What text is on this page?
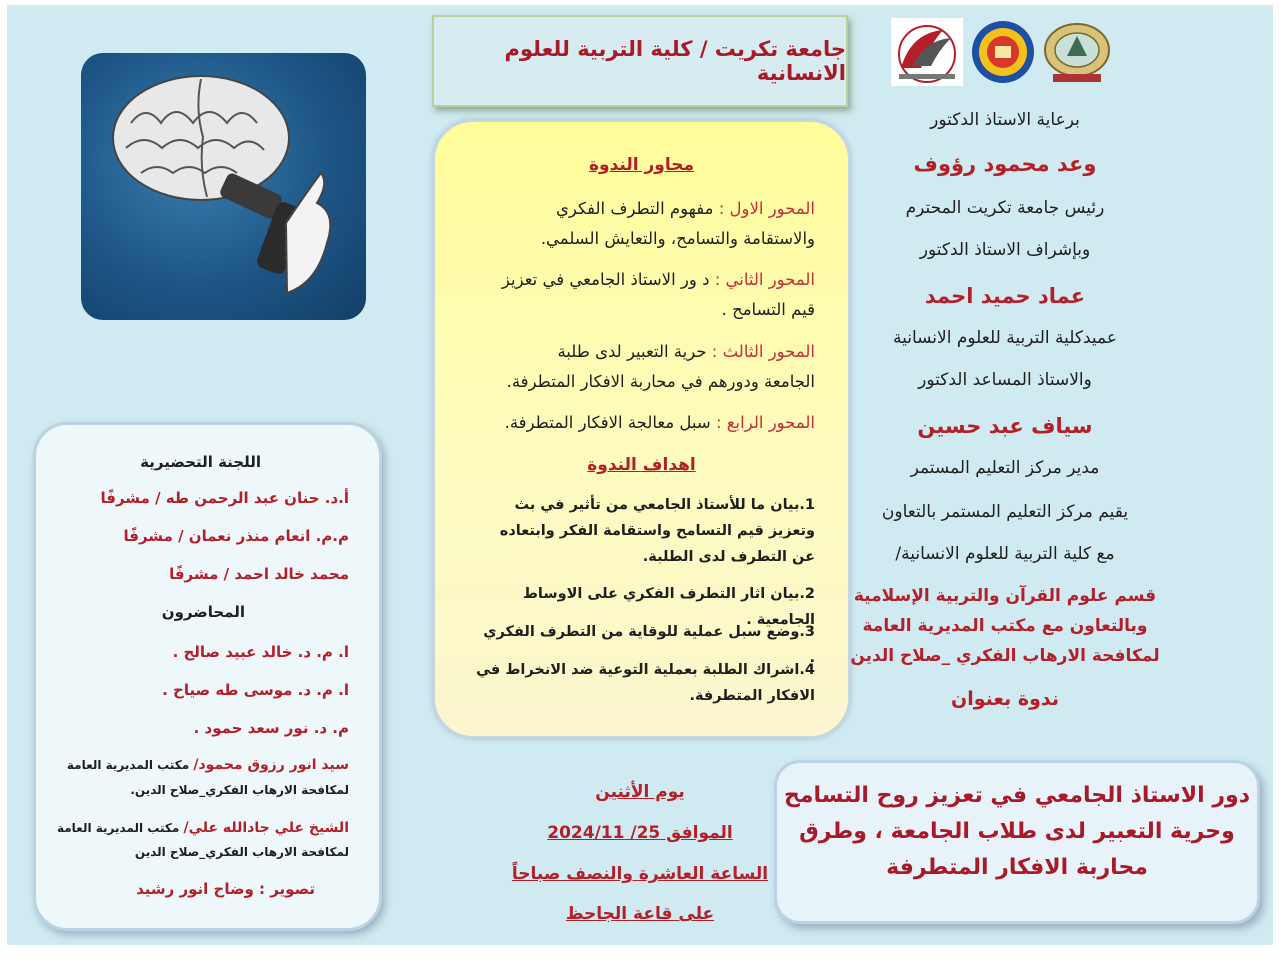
جامعة تكريت / كلية التربية للعلوم الانسانية
برعاية الاستاذ الدكتور
وعد محمود رؤوف
رئيس جامعة تكريت المحترم
وبإشراف الاستاذ الدكتور
عماد حميد احمد
عميدكلية التربية للعلوم الانسانية
والاستاذ المساعد الدكتور
سياف عبد حسين
مدير مركز التعليم المستمر
يقيم مركز التعليم المستمر بالتعاون
مع كلية التربية للعلوم الانسانية/
قسم علوم القرآن والتربية الإسلامية
وبالتعاون مع مكتب المديرية العامة
لمكافحة الارهاب الفكري _صلاح الدين
ندوة بعنوان
محاور الندوة
المحور الاول : مفهوم التطرف الفكري
والاستقامة والتسامح، والتعايش السلمي.
المحور الثاني : د ور الاستاذ الجامعي في تعزيز
قيم التسامح .
المحور الثالث : حرية التعبير لدى طلبة
الجامعة ودورهم في محاربة الافكار المتطرفة.
المحور الرابع : سبل معالجة الافكار المتطرفة.
اهداف الندوة
1.بيان ما للأستاذ الجامعي من تأثير في بث وتعزيز قيم التسامح واستقامة الفكر وابتعاده عن التطرف لدى الطلبة.
2.بيان اثار التطرف الفكري على الاوساط الجامعية .
3.وضع سبل عملية للوقاية من التطرف الفكري .
4.اشراك الطلبة بعملية التوعية ضد الانخراط في الافكار المتطرفة.
اللجنة التحضيرية
أ.د. حنان عبد الرحمن طه / مشرفًا
م.م. انعام منذر نعمان / مشرفًا
محمد خالد احمد / مشرفًا
المحاضرون
ا. م. د. خالد عبيد صالح .
ا. م. د. موسى طه صياح .
م. د. نور سعد حمود .
سيد انور رزوق محمود/ مكتب المديرية العامة
لمكافحة الارهاب الفكري_صلاح الدين.
الشيخ علي جادالله علي/ مكتب المديرية العامة
لمكافحة الارهاب الفكري_صلاح الدين
تصوير : وضاح انور رشيد
يوم الأثنين
الموافق 25/ 2024/11
الساعة العاشرة والنصف صباحاً
على قاعة الجاحظ
دور الاستاذ الجامعي في تعزيز روح التسامح
وحرية التعبير لدى طلاب الجامعة ، وطرق
محاربة الافكار المتطرفة
